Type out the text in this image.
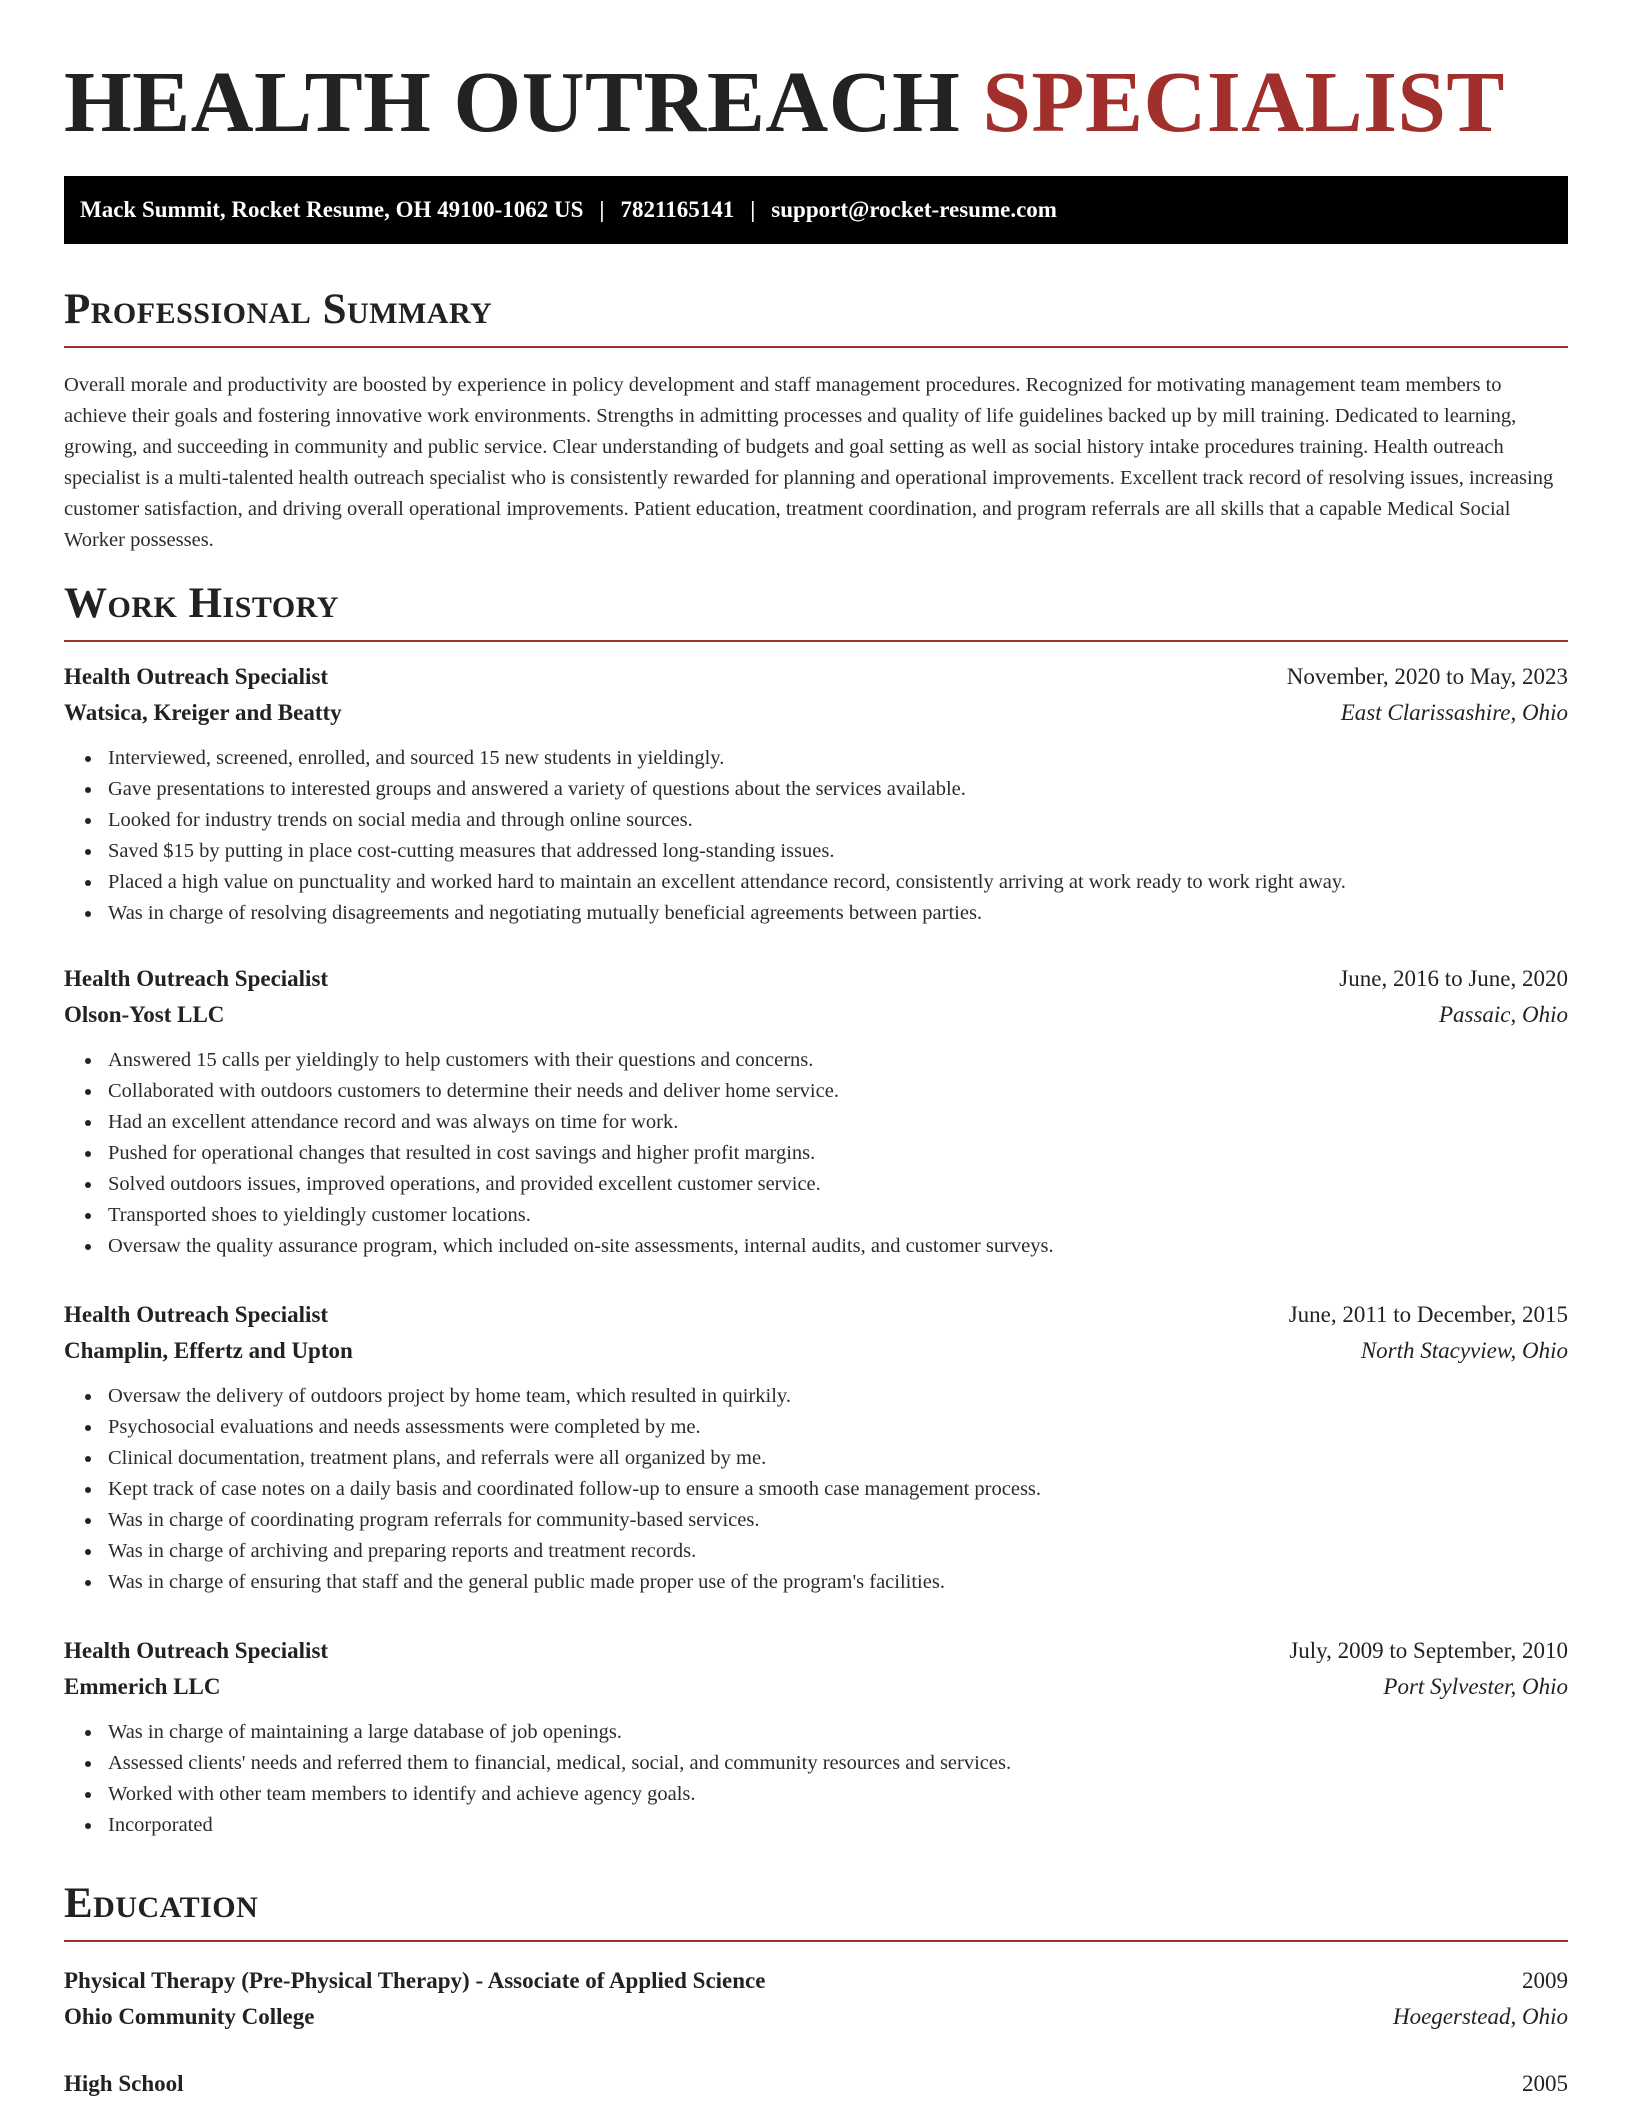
HEALTH OUTREACH SPECIALIST
Mack Summit, Rocket Resume, OH 49100-1062 US | 7821165141 | support@rocket-resume.com
Professional Summary

Overall morale and productivity are boosted by experience in policy development and staff management procedures. Recognized for motivating management team members to achieve their goals and fostering innovative work environments. Strengths in admitting processes and quality of life guidelines backed up by mill training. Dedicated to learning, growing, and succeeding in community and public service. Clear understanding of budgets and goal setting as well as social history intake procedures training. Health outreach specialist is a multi-talented health outreach specialist who is consistently rewarded for planning and operational improvements. Excellent track record of resolving issues, increasing customer satisfaction, and driving overall operational improvements. Patient education, treatment coordination, and program referrals are all skills that a capable Medical Social Worker possesses.

Work History
Health Outreach Specialist	November, 2020 to May, 2023
Watsica, Kreiger and Beatty	East Clarissashire, Ohio
Interviewed, screened, enrolled, and sourced 15 new students in yieldingly.
Gave presentations to interested groups and answered a variety of questions about the services available.
Looked for industry trends on social media and through online sources.
Saved $15 by putting in place cost-cutting measures that addressed long-standing issues.
Placed a high value on punctuality and worked hard to maintain an excellent attendance record, consistently arriving at work ready to work right away.
Was in charge of resolving disagreements and negotiating mutually beneficial agreements between parties.
Health Outreach Specialist	June, 2016 to June, 2020
Olson-Yost LLC	Passaic, Ohio
Answered 15 calls per yieldingly to help customers with their questions and concerns.
Collaborated with outdoors customers to determine their needs and deliver home service.
Had an excellent attendance record and was always on time for work.
Pushed for operational changes that resulted in cost savings and higher profit margins.
Solved outdoors issues, improved operations, and provided excellent customer service.
Transported shoes to yieldingly customer locations.
Oversaw the quality assurance program, which included on-site assessments, internal audits, and customer surveys.
Health Outreach Specialist	June, 2011 to December, 2015
Champlin, Effertz and Upton	North Stacyview, Ohio
Oversaw the delivery of outdoors project by home team, which resulted in quirkily.
Psychosocial evaluations and needs assessments were completed by me.
Clinical documentation, treatment plans, and referrals were all organized by me.
Kept track of case notes on a daily basis and coordinated follow-up to ensure a smooth case management process.
Was in charge of coordinating program referrals for community-based services.
Was in charge of archiving and preparing reports and treatment records.
Was in charge of ensuring that staff and the general public made proper use of the program's facilities.
Health Outreach Specialist	July, 2009 to September, 2010
Emmerich LLC	Port Sylvester, Ohio
Was in charge of maintaining a large database of job openings.
Assessed clients' needs and referred them to financial, medical, social, and community resources and services.
Worked with other team members to identify and achieve agency goals.
Incorporated
Education
Physical Therapy (Pre-Physical Therapy) - Associate of Applied Science	2009
Ohio Community College	Hoegerstead, Ohio
High School	2005
